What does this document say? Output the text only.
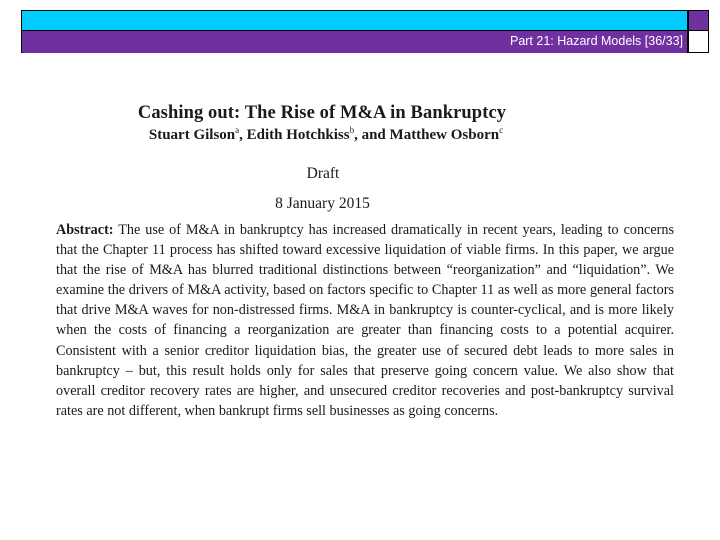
Part 21: Hazard Models [36/33]
Cashing out: The Rise of M&A in Bankruptcy
Stuart Gilson$^a$, Edith Hotchkiss$^b$, and Matthew Osborn$^c$
Draft
8 January 2015

Abstract: The use of M&A in bankruptcy has increased dramatically in recent years, leading to concerns that the Chapter 11 process has shifted toward excessive liquidation of viable firms. In this paper, we argue that the rise of M&A has blurred traditional distinctions between “reorganization” and “liquidation”. We examine the drivers of M&A activity, based on factors specific to Chapter 11 as well as more general factors that drive M&A waves for non-distressed firms. M&A in bankruptcy is counter-cyclical, and is more likely when the costs of financing a reorganization are greater than financing costs to a potential acquirer. Consistent with a senior creditor liquidation bias, the greater use of secured debt leads to more sales in bankruptcy – but, this result holds only for sales that preserve going concern value. We also show that overall creditor recovery rates are higher, and unsecured creditor recoveries and post-bankruptcy survival rates are not different, when bankrupt firms sell businesses as going concerns.
